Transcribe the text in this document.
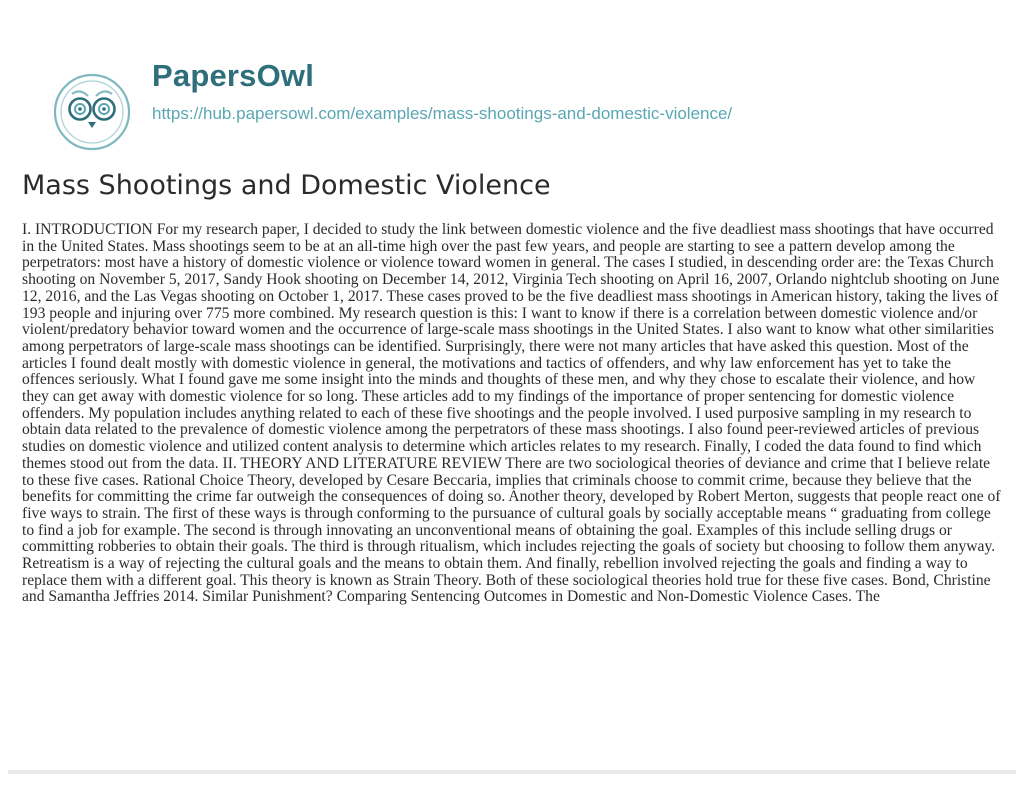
PapersOwl
https://hub.papersowl.com/examples/mass-shootings-and-domestic-violence/
Mass Shootings and Domestic Violence

I. INTRODUCTION For my research paper, I decided to study the link between domestic violence and the five deadliest mass shootings that have occurred in the United States. Mass shootings seem to be at an all-time high over the past few years, and people are starting to see a pattern develop among the perpetrators: most have a history of domestic violence or violence toward women in general. The cases I studied, in descending order are: the Texas Church shooting on November 5, 2017, Sandy Hook shooting on December 14, 2012, Virginia Tech shooting on April 16, 2007, Orlando nightclub shooting on June 12, 2016, and the Las Vegas shooting on October 1, 2017. These cases proved to be the five deadliest mass shootings in American history, taking the lives of 193 people and injuring over 775 more combined. My research question is this: I want to know if there is a correlation between domestic violence and/or violent/predatory behavior toward women and the occurrence of large-scale mass shootings in the United States. I also want to know what other similarities among perpetrators of large-scale mass shootings can be identified. Surprisingly, there were not many articles that have asked this question. Most of the articles I found dealt mostly with domestic violence in general, the motivations and tactics of offenders, and why law enforcement has yet to take the offences seriously. What I found gave me some insight into the minds and thoughts of these men, and why they chose to escalate their violence, and how they can get away with domestic violence for so long. These articles add to my findings of the importance of proper sentencing for domestic violence offenders. My population includes anything related to each of these five shootings and the people involved. I used purposive sampling in my research to obtain data related to the prevalence of domestic violence among the perpetrators of these mass shootings. I also found peer-reviewed articles of previous studies on domestic violence and utilized content analysis to determine which articles relates to my research. Finally, I coded the data found to find which themes stood out from the data. II. THEORY AND LITERATURE REVIEW There are two sociological theories of deviance and crime that I believe relate to these five cases. Rational Choice Theory, developed by Cesare Beccaria, implies that criminals choose to commit crime, because they believe that the benefits for committing the crime far outweigh the consequences of doing so. Another theory, developed by Robert Merton, suggests that people react one of five ways to strain. The first of these ways is through conforming to the pursuance of cultural goals by socially acceptable means “ graduating from college to find a job for example. The second is through innovating an unconventional means of obtaining the goal. Examples of this include selling drugs or committing robberies to obtain their goals. The third is through ritualism, which includes rejecting the goals of society but choosing to follow them anyway. Retreatism is a way of rejecting the cultural goals and the means to obtain them. And finally, rebellion involved rejecting the goals and finding a way to replace them with a different goal. This theory is known as Strain Theory. Both of these sociological theories hold true for these five cases. Bond, Christine and Samantha Jeffries 2014. Similar Punishment? Comparing Sentencing Outcomes in Domestic and Non-Domestic Violence Cases. The
